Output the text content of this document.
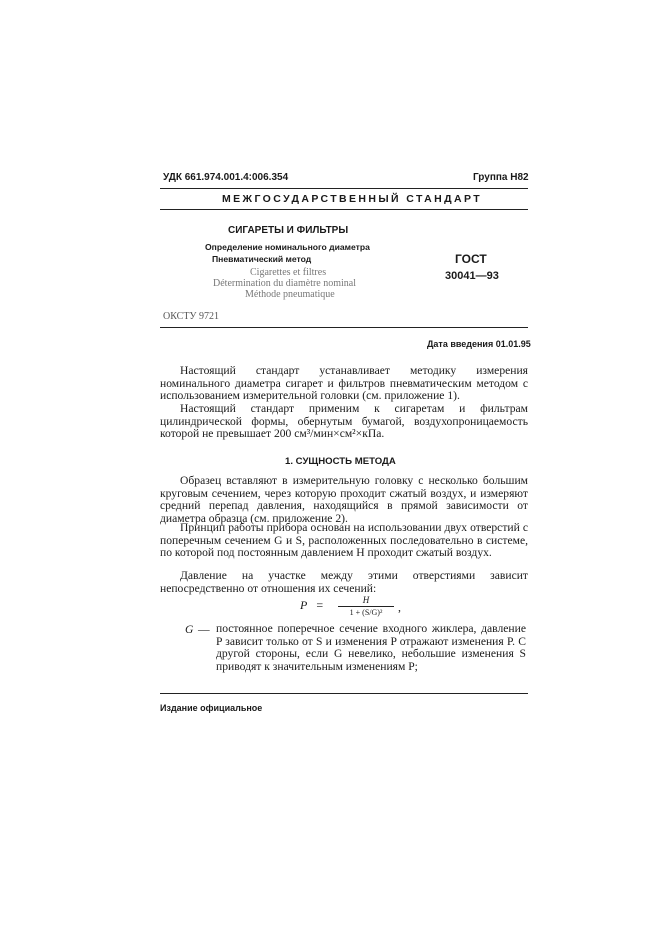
УДК 661.974.001.4:006.354	Группа Н82
МЕЖГОСУДАРСТВЕННЫЙ СТАНДАРТ
СИГАРЕТЫ И ФИЛЬТРЫ
Определение номинального диаметра
Пневматический метод
Cigarettes et filtres
Détermination du diamètre nominal
Méthode pneumatique
ГОСТ
30041—93
ОКСТУ 9721
Дата введения 01.01.95
Настоящий стандарт устанавливает методику измерения номинального диаметра сигарет и фильтров пневматическим методом с использованием измерительной головки (см. приложение 1).
Настоящий стандарт применим к сигаретам и фильтрам цилиндрической формы, обернутым бумагой, воздухопроницаемость которой не превышает 200 см³/мин×см²×кПа.
1. СУЩНОСТЬ МЕТОДА
Образец вставляют в измерительную головку с несколько большим круговым сечением, через которую проходит сжатый воздух, и измеряют средний перепад давления, находящийся в прямой зависимости от диаметра образца (см. приложение 2).
Принцип работы прибора основан на использовании двух отверстий с поперечным сечением G и S, расположенных последовательно в системе, по которой под постоянным давлением H проходит сжатый воздух.
Давление на участке между этими отверстиями зависит непосредственно от отношения их сечений:
P =	H
1 + (S/G)²	,
G — постоянное поперечное сечение входного жиклера, давление P зависит только от S и изменения P отражают изменения P. С другой стороны, если G невелико, небольшие изменения S приводят к значительным изменениям P;
Издание официальное
